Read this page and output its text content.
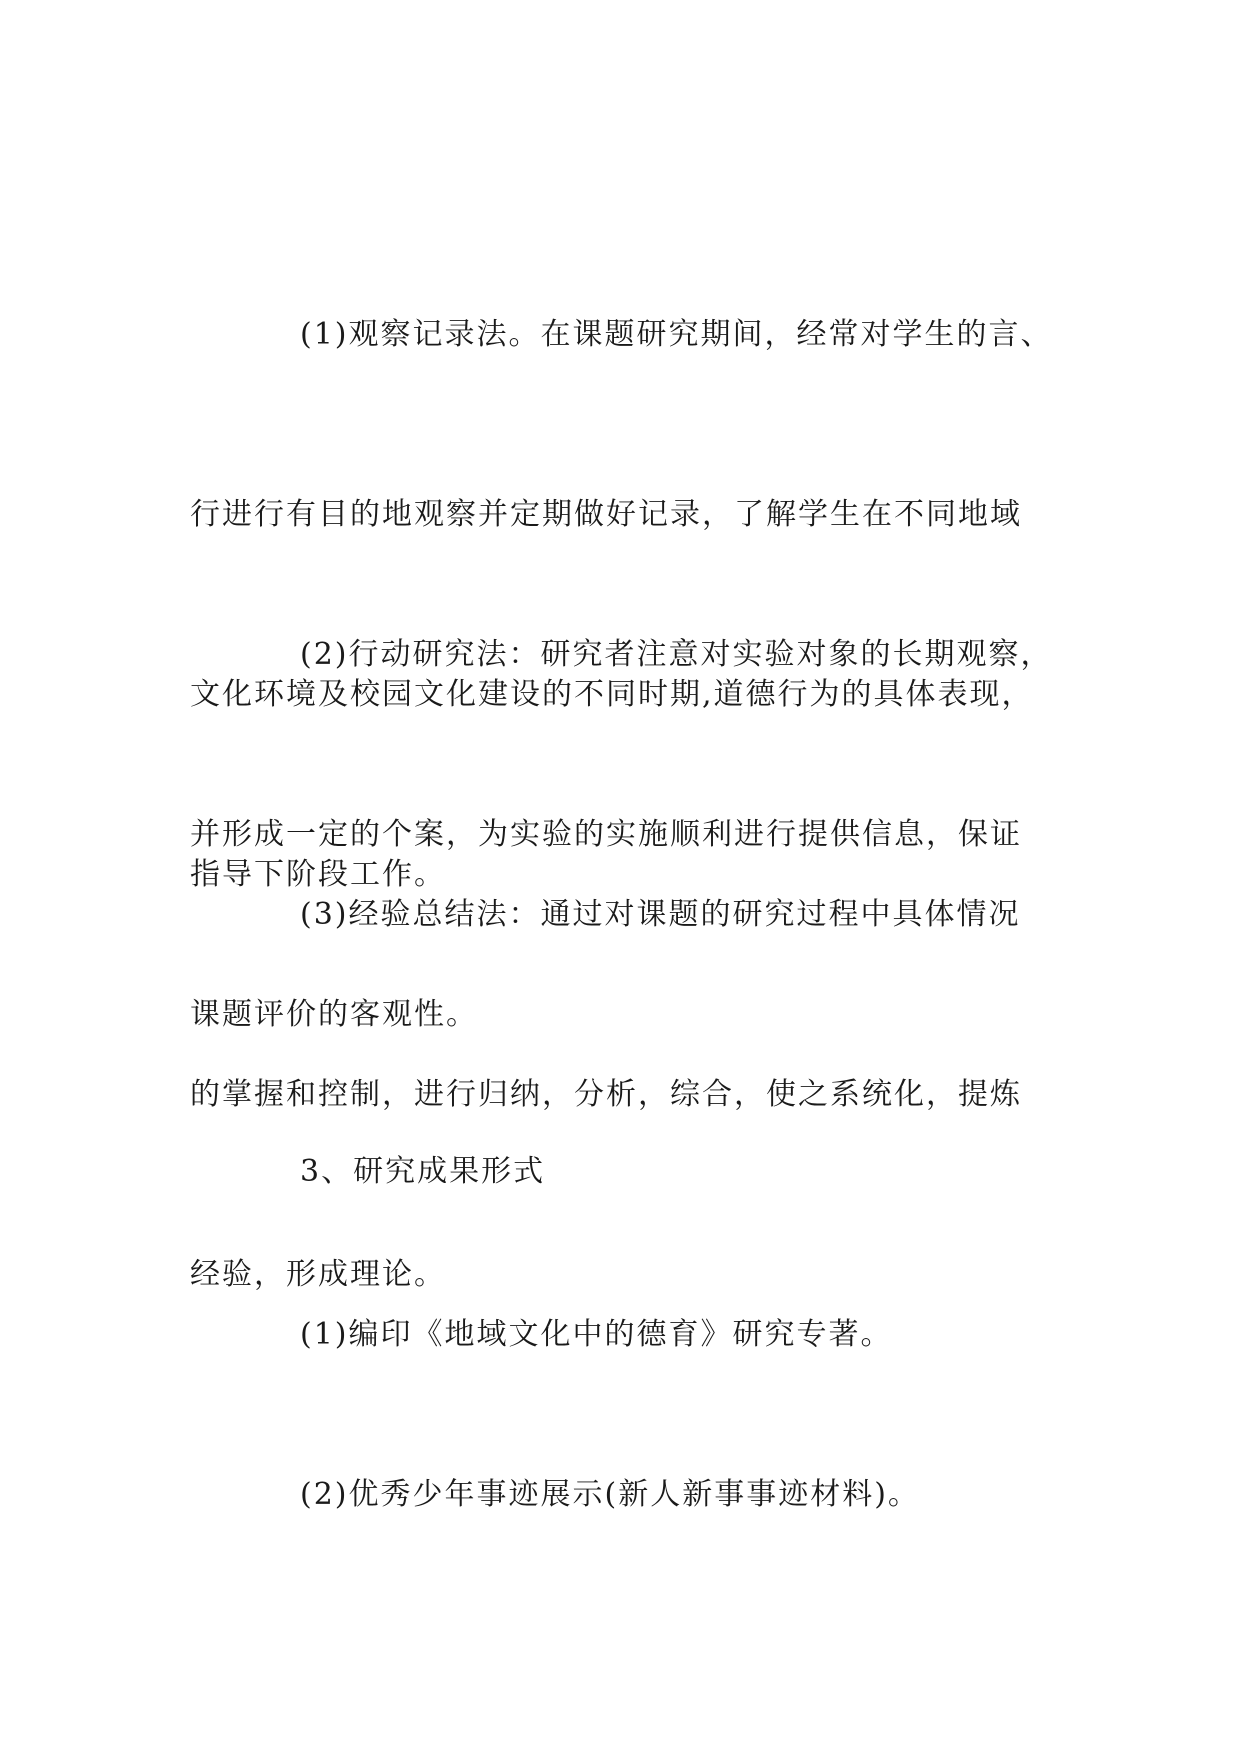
(1)观察记录法。在课题研究期间，经常对学生的言、

行进行有目的地观察并定期做好记录，了解学生在不同地域

文化环境及校园文化建设的不同时期,道德行为的具体表现，

指导下阶段工作。

(2)行动研究法：研究者注意对实验对象的长期观察，

并形成一定的个案，为实验的实施顺利进行提供信息，保证

课题评价的客观性。

(3)经验总结法：通过对课题的研究过程中具体情况

的掌握和控制，进行归纳，分析，综合，使之系统化，提炼

经验，形成理论。

3、研究成果形式

(1)编印《地域文化中的德育》研究专著。

(2)优秀少年事迹展示(新人新事事迹材料)。
